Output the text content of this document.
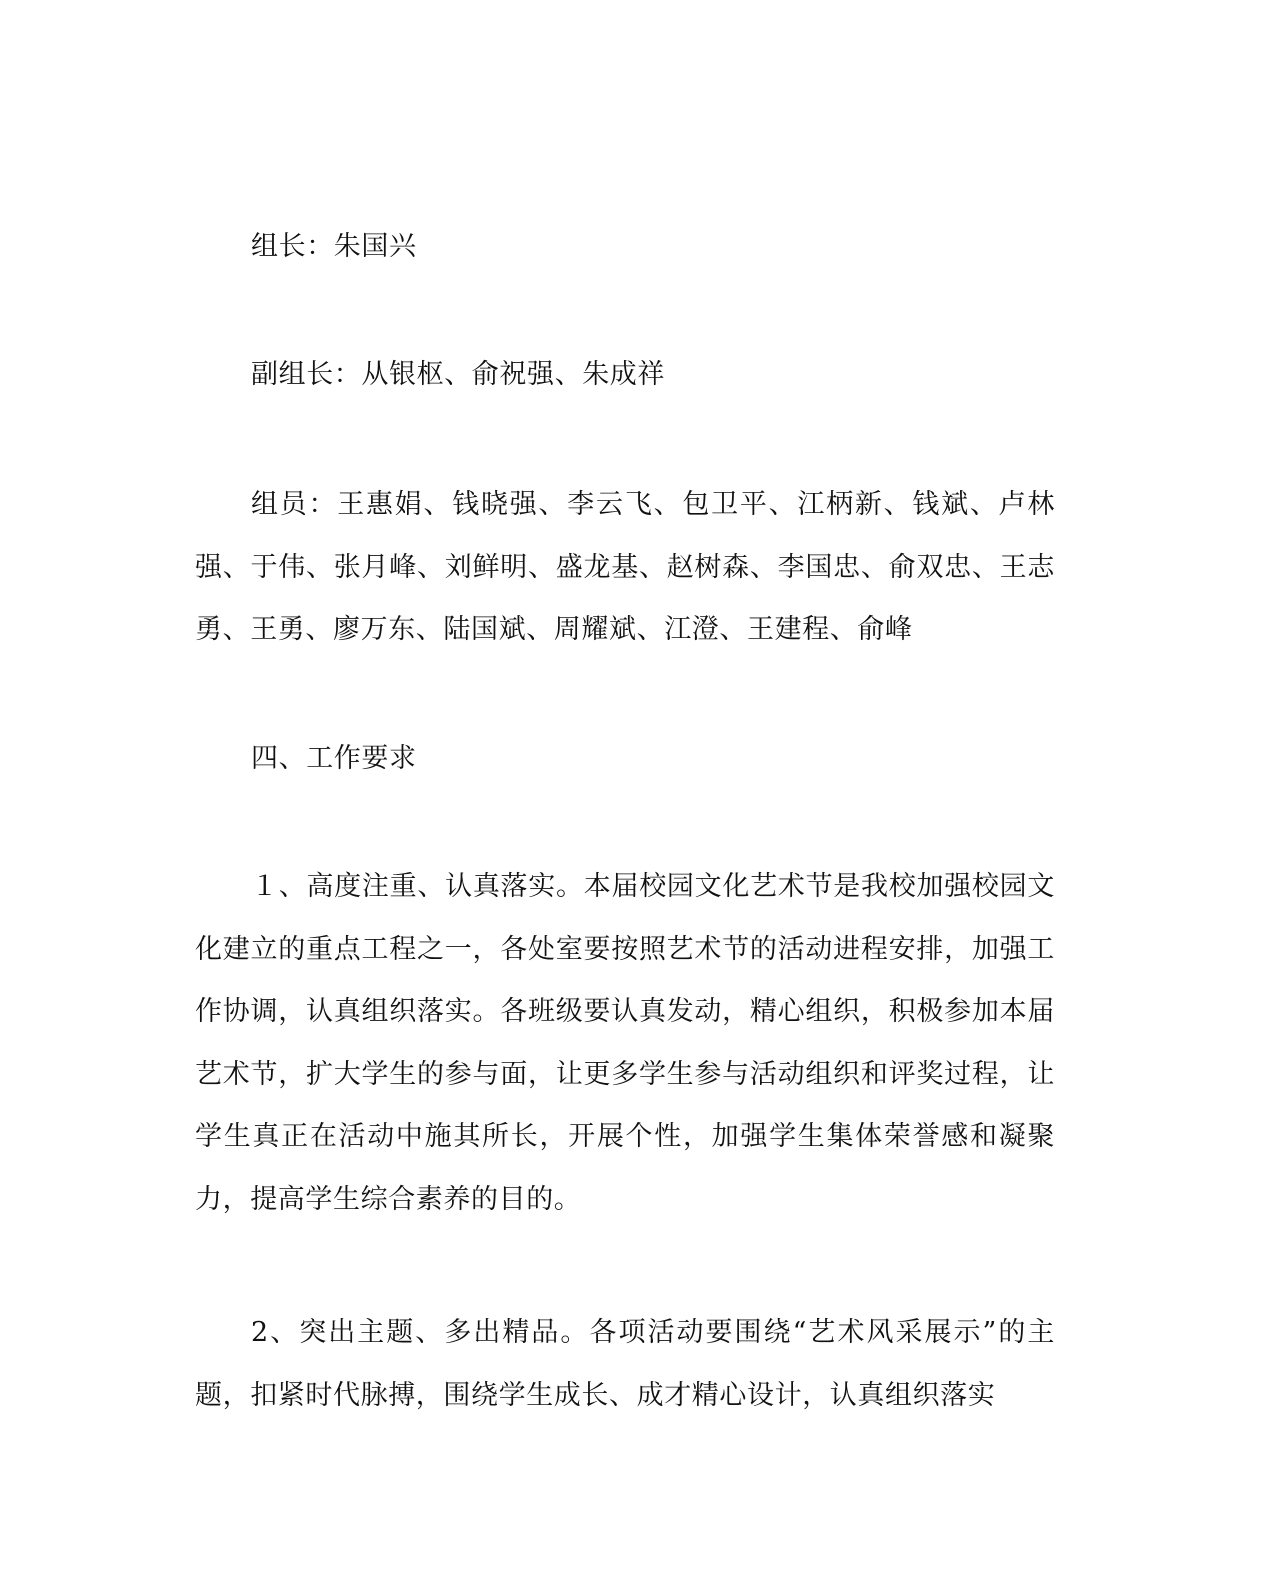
组长：朱国兴

副组长：从银枢、俞祝强、朱成祥

组员：王惠娟、钱晓强、李云飞、包卫平、江柄新、钱斌、卢林强、于伟、张月峰、刘鲜明、盛龙基、赵树森、李国忠、俞双忠、王志勇、王勇、廖万东、陆国斌、周耀斌、江澄、王建程、俞峰

四、工作要求

１、高度注重、认真落实。本届校园文化艺术节是我校加强校园文化建立的重点工程之一，各处室要按照艺术节的活动进程安排，加强工作协调，认真组织落实。各班级要认真发动，精心组织，积极参加本届艺术节，扩大学生的参与面，让更多学生参与活动组织和评奖过程，让学生真正在活动中施其所长，开展个性，加强学生集体荣誉感和凝聚力，提高学生综合素养的目的。

2、突出主题、多出精品。各项活动要围绕“艺术风采展示”的主题，扣紧时代脉搏，围绕学生成长、成才精心设计，认真组织落实
